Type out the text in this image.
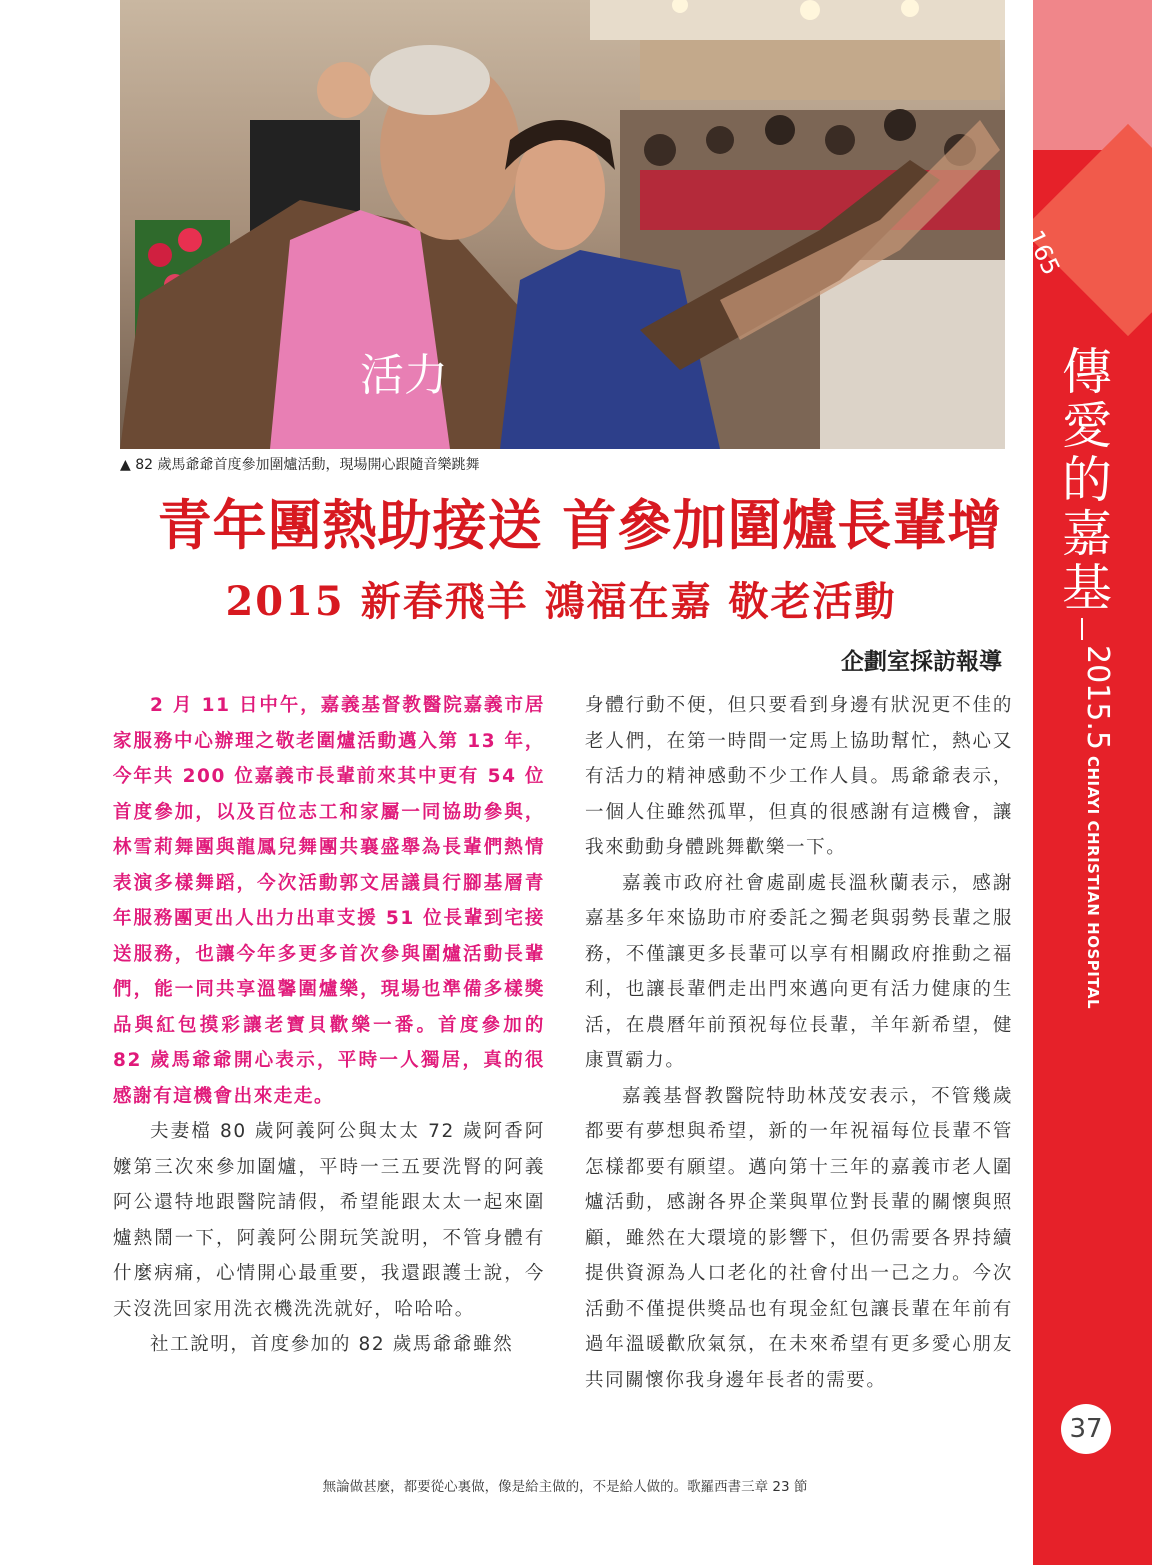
活力
▲ 82 歲馬爺爺首度參加圍爐活動，現場開心跟隨音樂跳舞
青年團熱助接送 首參加圍爐長輩增
2015 新春飛羊 鴻福在嘉 敬老活動
企劃室採訪報導

2 月 11 日中午，嘉義基督教醫院嘉義市居家服務中心辦理之敬老圍爐活動邁入第 13 年，今年共 200 位嘉義市長輩前來其中更有 54 位首度參加，以及百位志工和家屬一同協助參與，林雪莉舞團與龍鳳兒舞團共襄盛舉為長輩們熱情表演多樣舞蹈，今次活動郭文居議員行腳基層青年服務團更出人出力出車支援 51 位長輩到宅接送服務，也讓今年多更多首次參與圍爐活動長輩們，能一同共享溫馨圍爐樂，現場也準備多樣獎品與紅包摸彩讓老寶貝歡樂一番。首度參加的 82 歲馬爺爺開心表示，平時一人獨居，真的很感謝有這機會出來走走。

夫妻檔 80 歲阿義阿公與太太 72 歲阿香阿嬤第三次來參加圍爐，平時一三五要洗腎的阿義阿公還特地跟醫院請假，希望能跟太太一起來圍爐熱鬧一下，阿義阿公開玩笑說明，不管身體有什麼病痛，心情開心最重要，我還跟護士說，今天沒洗回家用洗衣機洗洗就好，哈哈哈。

社工說明，首度參加的 82 歲馬爺爺雖然

身體行動不便，但只要看到身邊有狀況更不佳的老人們，在第一時間一定馬上協助幫忙，熱心又有活力的精神感動不少工作人員。馬爺爺表示，一個人住雖然孤單，但真的很感謝有這機會，讓我來動動身體跳舞歡樂一下。

嘉義市政府社會處副處長溫秋蘭表示，感謝嘉基多年來協助市府委託之獨老與弱勢長輩之服務，不僅讓更多長輩可以享有相關政府推動之福利，也讓長輩們走出門來邁向更有活力健康的生活，在農曆年前預祝每位長輩，羊年新希望，健康賈霸力。

嘉義基督教醫院特助林茂安表示，不管幾歲都要有夢想與希望，新的一年祝福每位長輩不管怎樣都要有願望。邁向第十三年的嘉義市老人圍爐活動，感謝各界企業與單位對長輩的關懷與照顧，雖然在大環境的影響下，但仍需要各界持續提供資源為人口老化的社會付出一己之力。今次活動不僅提供獎品也有現金紅包讓長輩在年前有過年溫暖歡欣氣氛，在未來希望有更多愛心朋友共同關懷你我身邊年長者的需要。

無論做甚麼，都要從心裏做，像是給主做的，不是給人做的。歌羅西書三章 23 節
165
傳
愛
的
嘉
基
2015.5CHIAYI CHRISTIAN HOSPITAL
37
